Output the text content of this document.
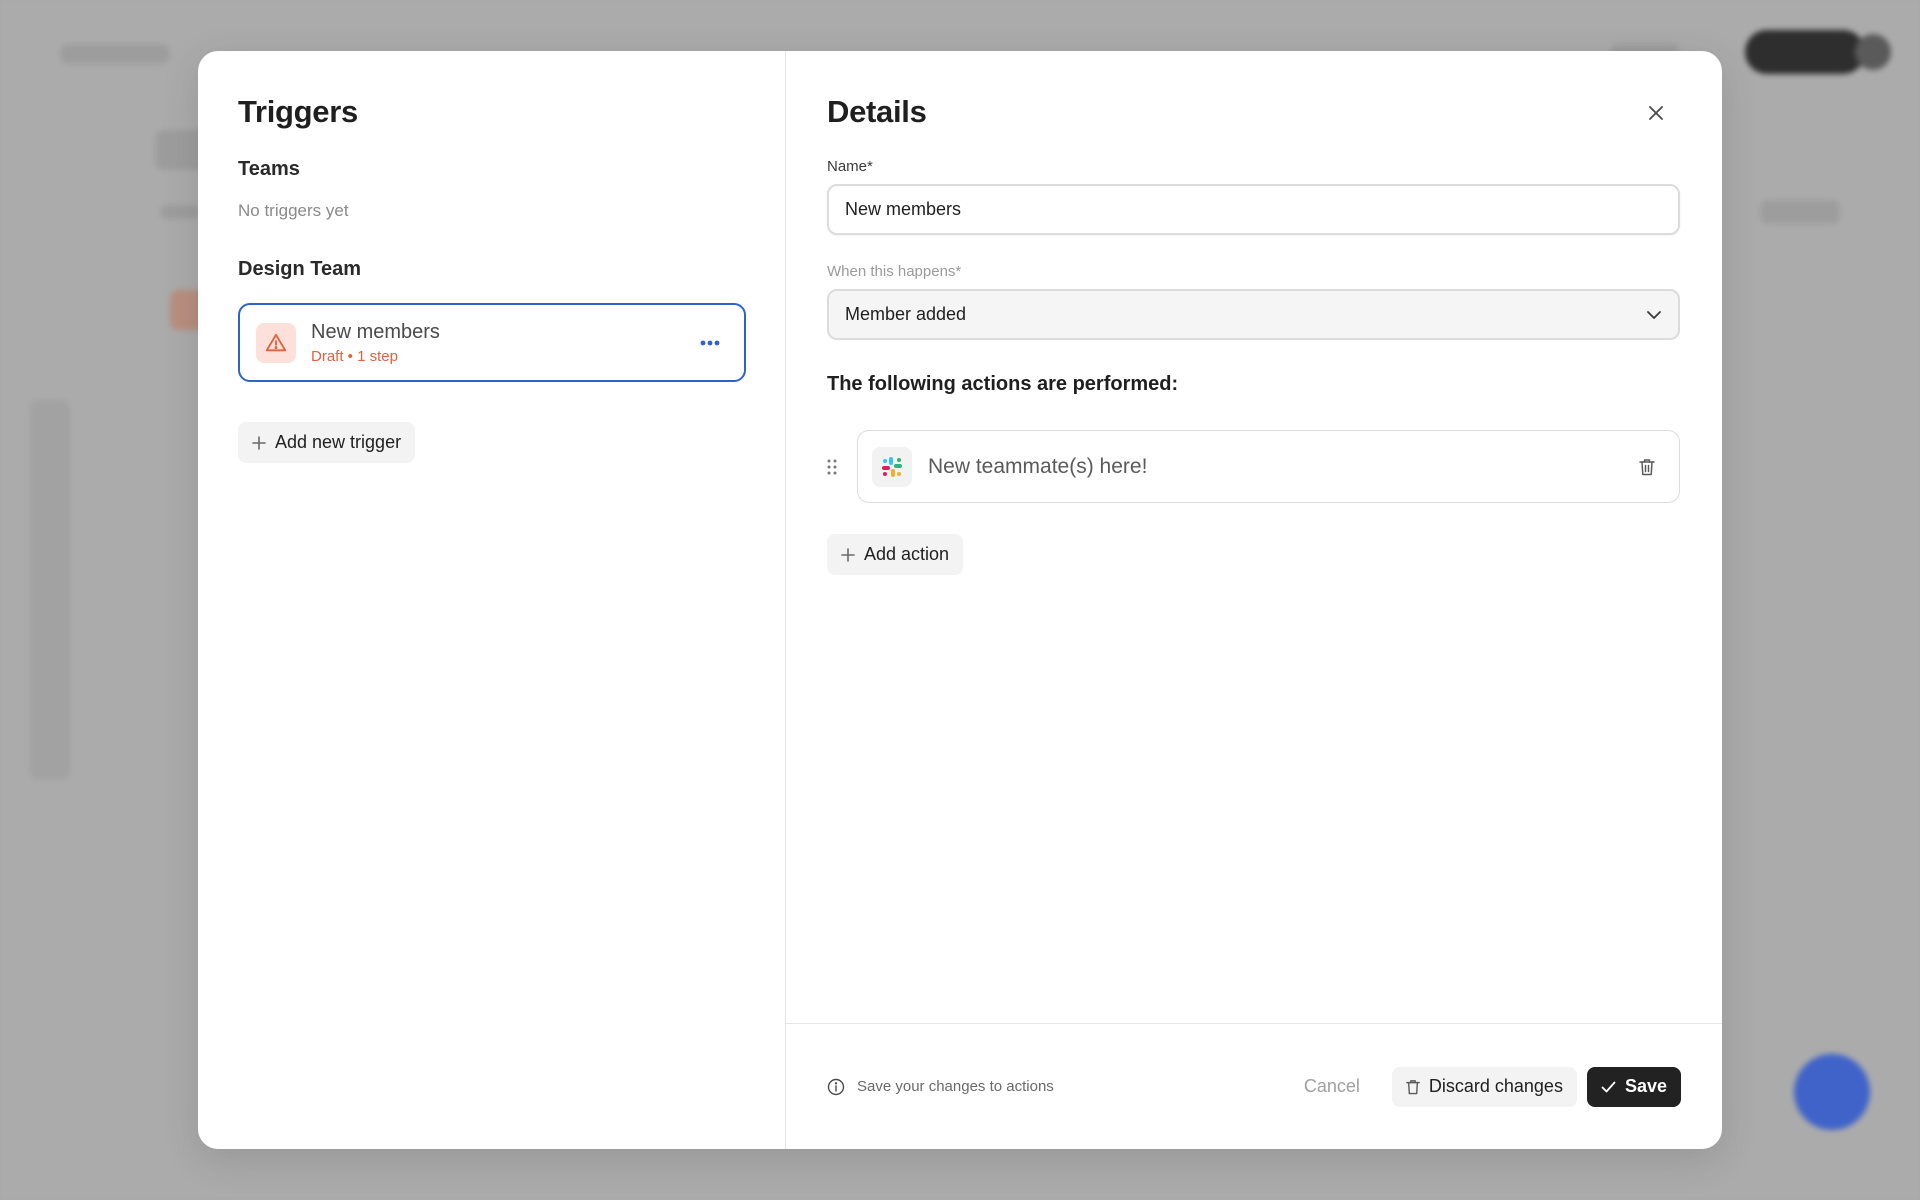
Triggers
Teams
No triggers yet
Design Team
New members
Draft • 1 step
Add new trigger
Details
Name*
New members
When this happens*
Member added
The following actions are performed:
New teammate(s) here!
Add action
Save your changes to actions	Cancel	Discard changes	Save
